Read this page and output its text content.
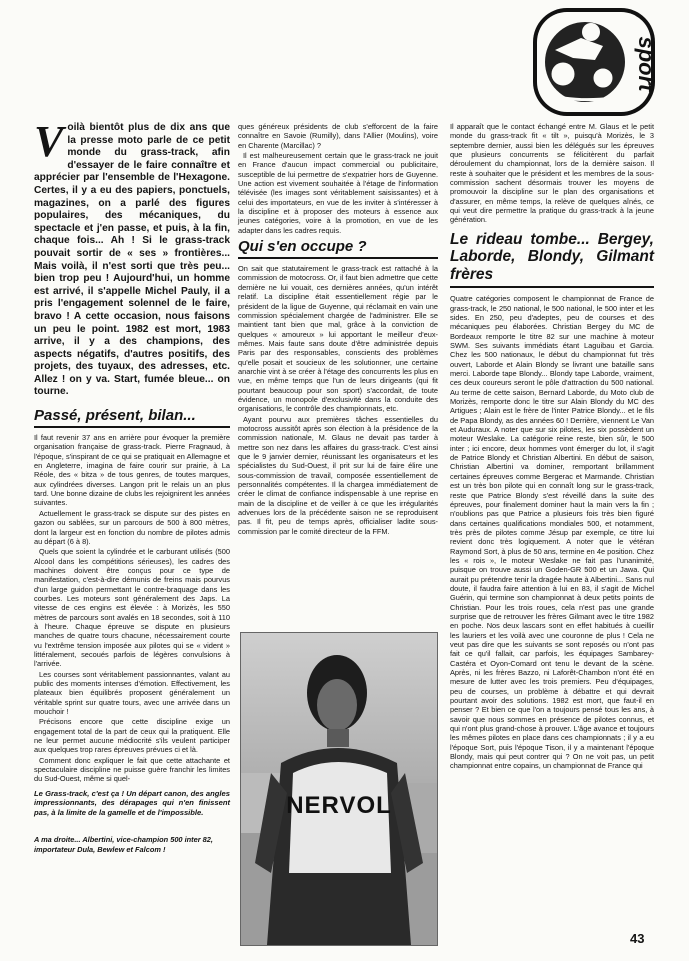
sport
Voilà bientôt plus de dix ans que la presse moto parle de ce petit monde du grass-track, afin d'essayer de le faire connaître et apprécier par l'ensemble de l'Hexagone. Certes, il y a eu des papiers, ponctuels, magazines, on a parlé des figures populaires, des mécaniques, du spectacle et j'en passe, et puis, à la fin, chaque fois... Ah ! Si le grass-track pouvait sortir de « ses » frontières... Mais voilà, il n'est sorti que très peu... bien trop peu ! Aujourd'hui, un homme est arrivé, il s'appelle Michel Pauly, il a pris l'engagement solennel de le faire, bravo ! A cette occasion, nous faisons un peu le point. 1982 est mort, 1983 arrive, il y a des champions, des aspects négatifs, d'autres positifs, des projets, des tuyaux, des adresses, etc. Allez ! on y va. Start, fumée bleue... on tourne.
Passé, présent, bilan...

Il faut revenir 37 ans en arrière pour évoquer la première organisation française de grass-track. Pierre Fragnaud, à l'époque, s'inspirant de ce qui se pratiquait en Allemagne et en Angleterre, imagina de faire courir sur prairie, à La Réole, des « bitza » de tous genres, de toutes marques, aux cylindrées diverses. Langon prit le relais un an plus tard. Une bonne dizaine de clubs les rejoignirent les années suivantes.

Actuellement le grass-track se dispute sur des pistes en gazon ou sablées, sur un parcours de 500 à 800 mètres, dont la largeur est en fonction du nombre de pilotes admis au départ (6 à 8).

Quels que soient la cylindrée et le carburant utilisés (500 Alcool dans les compétitions sérieuses), les cadres des machines doivent être conçus pour ce type de manifestation, c'est-à-dire démunis de freins mais pourvus d'un large guidon permettant le contre-braquage dans les courbes. Les moteurs sont généralement des Japs. La vitesse de ces engins est élevée : à Morizès, les 550 mètres de parcours sont avalés en 18 secondes, soit à 110 à l'heure. Chaque épreuve se dispute en plusieurs manches de quatre tours chacune, nécessairement courte vu l'extrême tension imposée aux pilotes qui se « vident » littéralement, secoués parfois de légères convulsions à l'arrivée.

Les courses sont véritablement passionnantes, valant au public des moments intenses d'émotion. Effectivement, les plateaux bien équilibrés proposent généralement un véritable sprint sur quatre tours, avec une arrivée dans un mouchoir !

Précisons encore que cette discipline exige un engagement total de la part de ceux qui la pratiquent. Elle ne leur permet aucune médiocrité s'ils veulent participer aux quelques trop rares épreuves prévues ci et là.

Comment donc expliquer le fait que cette attachante et spectaculaire discipline ne puisse guère franchir les limites du Sud-Ouest, même si quel-

Le Grass-track, c'est ça ! Un départ canon, des angles impressionnants, des dérapages qui n'en finissent pas, à la limite de la gamelle et de l'impossible.
A ma droite... Albertini, vice-champion 500 inter 82, importateur Dula, Bewlew et Falcom !

ques généreux présidents de club s'efforcent de la faire connaître en Savoie (Rumilly), dans l'Allier (Moulins), voire en Charente (Marcillac) ?

Il est malheureusement certain que le grass-track ne jouit en France d'aucun impact commercial ou publicitaire, susceptible de lui permettre de s'expatrier hors de Guyenne. Une action est vivement souhaitée à l'étage de l'information télévisée (les images sont véritablement saisissantes) et à celui des importateurs, en vue de les inviter à s'intéresser à la discipline et à proposer des moteurs à essence aux jeunes catégories, voire à la promotion, en vue de les adapter dans les cadres requis.

Qui s'en occupe ?

On sait que statutairement le grass-track est rattaché à la commission de motocross. Or, il faut bien admettre que cette dernière ne lui vouait, ces dernières années, qu'un intérêt relatif. La discipline était essentiellement régie par le président de la ligue de Guyenne, qui réclamait en vain une commission spécialement chargée de l'administrer. Elle se maintient tant bien que mal, grâce à la conviction de quelques « amoureux » lui apportant le meilleur d'eux-mêmes. Mais faute sans doute d'être administrée depuis Paris par des responsables, conscients des problèmes qu'elle posait et soucieux de les solutionner, une certaine anarchie vint à se créer à l'étage des concurrents les plus en vue, en même temps que l'un de leurs dirigeants (qui fit pourtant beaucoup pour son sport) s'accordait, de toute évidence, un monopole d'exclusivité dans la conduite des organisations, le contrôle des championnats, etc.

Ayant pourvu aux premières tâches essentielles du motocross aussitôt après son élection à la présidence de la commission nationale, M. Glaus ne devait pas tarder à mettre son nez dans les affaires du grass-track. C'est ainsi que le 9 janvier dernier, réunissant les organisateurs et les spécialistes du Sud-Ouest, il prit sur lui de faire élire une sous-commission de travail, composée essentiellement de personnalités compétentes. Il la chargea immédiatement de créer le climat de confiance indispensable à une reprise en main de la discipline et de veiller à ce que les irrégularités advenues lors de la précédente saison ne se reproduisent pas. Il fit, peu de temps après, officialiser ladite sous-commission par le comité directeur de la FFM.

NERVOL

Il apparaît que le contact échangé entre M. Glaus et le petit monde du grass-track fit « tilt », puisqu'à Morizès, le 3 septembre dernier, aussi bien les délégués sur les épreuves que plusieurs concurrents se félicitèrent du parfait déroulement du championnat, lors de la dernière saison. Il reste à souhaiter que le président et les membres de la sous-commission sachent désormais trouver les moyens de promouvoir la discipline sur le plan des organisations et d'assurer, en même temps, la relève de quelques aînés, ce qui veut dire permettre la pratique du grass-track à la jeune génération.

Le rideau tombe... Bergey, Laborde, Blondy, Gilmant frères

Quatre catégories composent le championnat de France de grass-track, le 250 national, le 500 national, le 500 inter et les sides. En 250, peu d'adeptes, peu de courses et des mécaniques peu élaborées. Christian Bergey du MC de Bordeaux remporte le titre 82 sur une machine à moteur SWM. Ses suivants immédiats étant Laguibau et Garcia. Chez les 500 nationaux, le début du championnat fut très ouvert, Laborde et Alain Blondy se livrant une bataille sans merci. Laborde tape Blondy... Blondy tape Laborde, vraiment, ces deux coureurs seront le pôle d'attraction du 500 national. Au terme de cette saison, Bernard Laborde, du Moto club de Morizès, remporte donc le titre sur Alain Blondy du MC des Artigues ; Alain est le frère de l'inter Patrice Blondy... et le fils de Papa Blondy, as des années 60 ! Derrière, viennent Le Van et Auduraux. A noter que sur six pilotes, les six possèdent un moteur Weslake. La catégorie reine reste, bien sûr, le 500 inter ; ici encore, deux hommes vont émerger du lot, il s'agit de Patrice Blondy et Christian Albertini. En début de saison, Christian Albertini va dominer, remportant brillamment certaines épreuves comme Bergerac et Marmande. Christian est un très bon pilote qui en connaît long sur le grass-track, reste que Patrice Blondy s'est réveillé dans la suite des épreuves, pour finalement dominer haut la main vers la fin ; n'oublions pas que Patrice a plusieurs fois très bien figuré dans certaines qualifications mondiales 500, et notamment, très près de pilotes comme Jésup par exemple, ce titre lui revient donc très logiquement. A noter que le vétéran Raymond Sort, à plus de 50 ans, termine en 4e position. Chez les « rois », le moteur Weslake ne fait pas l'unanimité, puisque on trouve aussi un Goden-GR 500 et un Jawa. Qui aurait pu prétendre tenir la dragée haute à Albertini... Sans nul doute, il faudra faire attention à lui en 83, il s'agit de Michel Guérin, qui termine son championnat à deux petits points de Christian. Pour les trois roues, cela n'est pas une grande surprise que de retrouver les frères Gilmant avec le titre 1982 en poche. Nos deux lascars sont en effet habitués à cueillir les lauriers et les voilà avec une couronne de plus ! Cela ne veut pas dire que les suivants se sont reposés ou n'ont pas fait ce qu'il fallait, car parfois, les équipages Sambarey-Castéra et Oyon-Comard ont tenu le devant de la scène. Après, ni les frères Bazzo, ni Laforêt-Chambon n'ont été en mesure de lutter avec les trois premiers. Peu d'équipages, peu de courses, un problème à débattre et qui devrait pourtant avoir des solutions. 1982 est mort, que faut-il en penser ? Et bien ce que l'on a toujours pensé tous les ans, à savoir que nous sommes en présence de pilotes connus, et qui n'ont plus grand-chose à prouver. L'âge avance et toujours les mêmes pilotes en place dans ces championnats ; il y a eu l'époque Sort, puis l'époque Tison, il y a maintenant l'époque Blondy, mais qui peut contrer qui ? On ne voit pas, un petit championnat entre copains, un championnat de France qui

43
